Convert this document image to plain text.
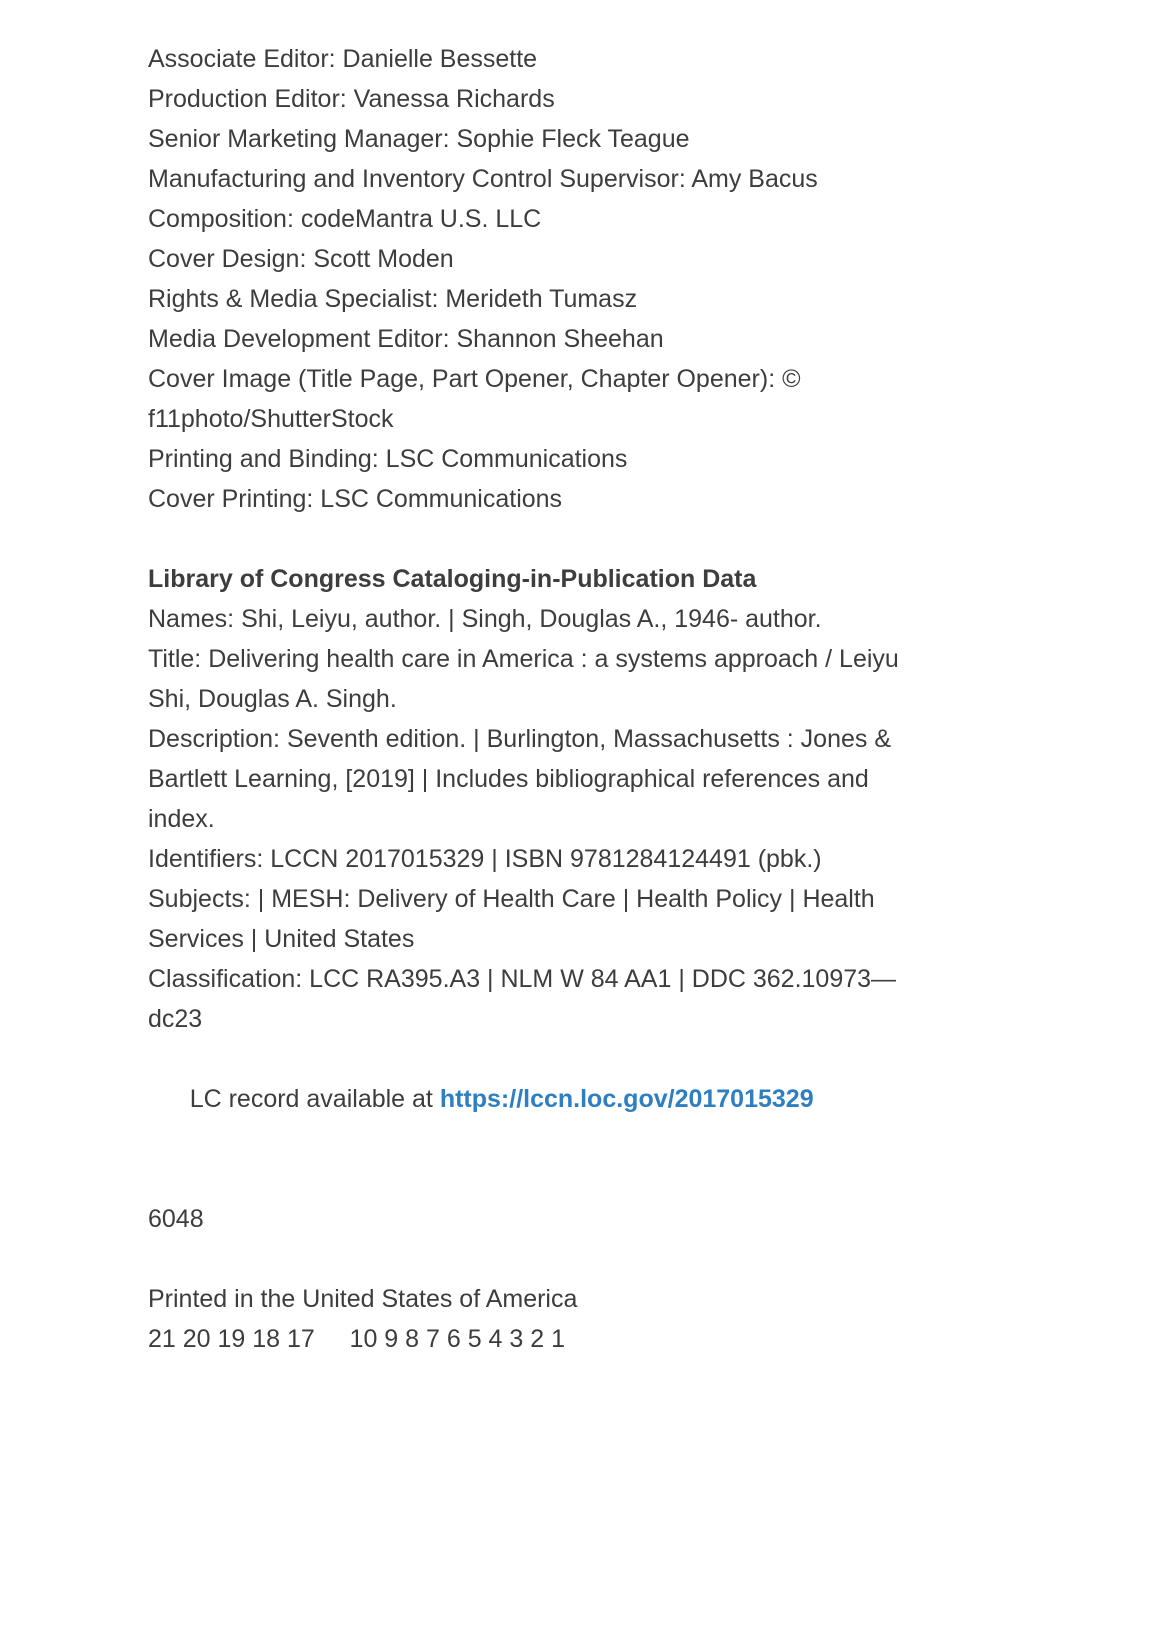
Associate Editor: Danielle Bessette
Production Editor: Vanessa Richards
Senior Marketing Manager: Sophie Fleck Teague
Manufacturing and Inventory Control Supervisor: Amy Bacus
Composition: codeMantra U.S. LLC
Cover Design: Scott Moden
Rights & Media Specialist: Merideth Tumasz
Media Development Editor: Shannon Sheehan
Cover Image (Title Page, Part Opener, Chapter Opener): ©
f11photo/ShutterStock
Printing and Binding: LSC Communications
Cover Printing: LSC Communications
Library of Congress Cataloging-in-Publication Data
Names: Shi, Leiyu, author. | Singh, Douglas A., 1946- author.
Title: Delivering health care in America : a systems approach / Leiyu
Shi, Douglas A. Singh.
Description: Seventh edition. | Burlington, Massachusetts : Jones &
Bartlett Learning, [2019] | Includes bibliographical references and
index.
Identifiers: LCCN 2017015329 | ISBN 9781284124491 (pbk.)
Subjects: | MESH: Delivery of Health Care | Health Policy | Health
Services | United States
Classification: LCC RA395.A3 | NLM W 84 AA1 | DDC 362.10973—
dc23

LC record available at https://lccn.loc.gov/2017015329

6048
Printed in the United States of America
21 20 19 18 17     10 9 8 7 6 5 4 3 2 1
